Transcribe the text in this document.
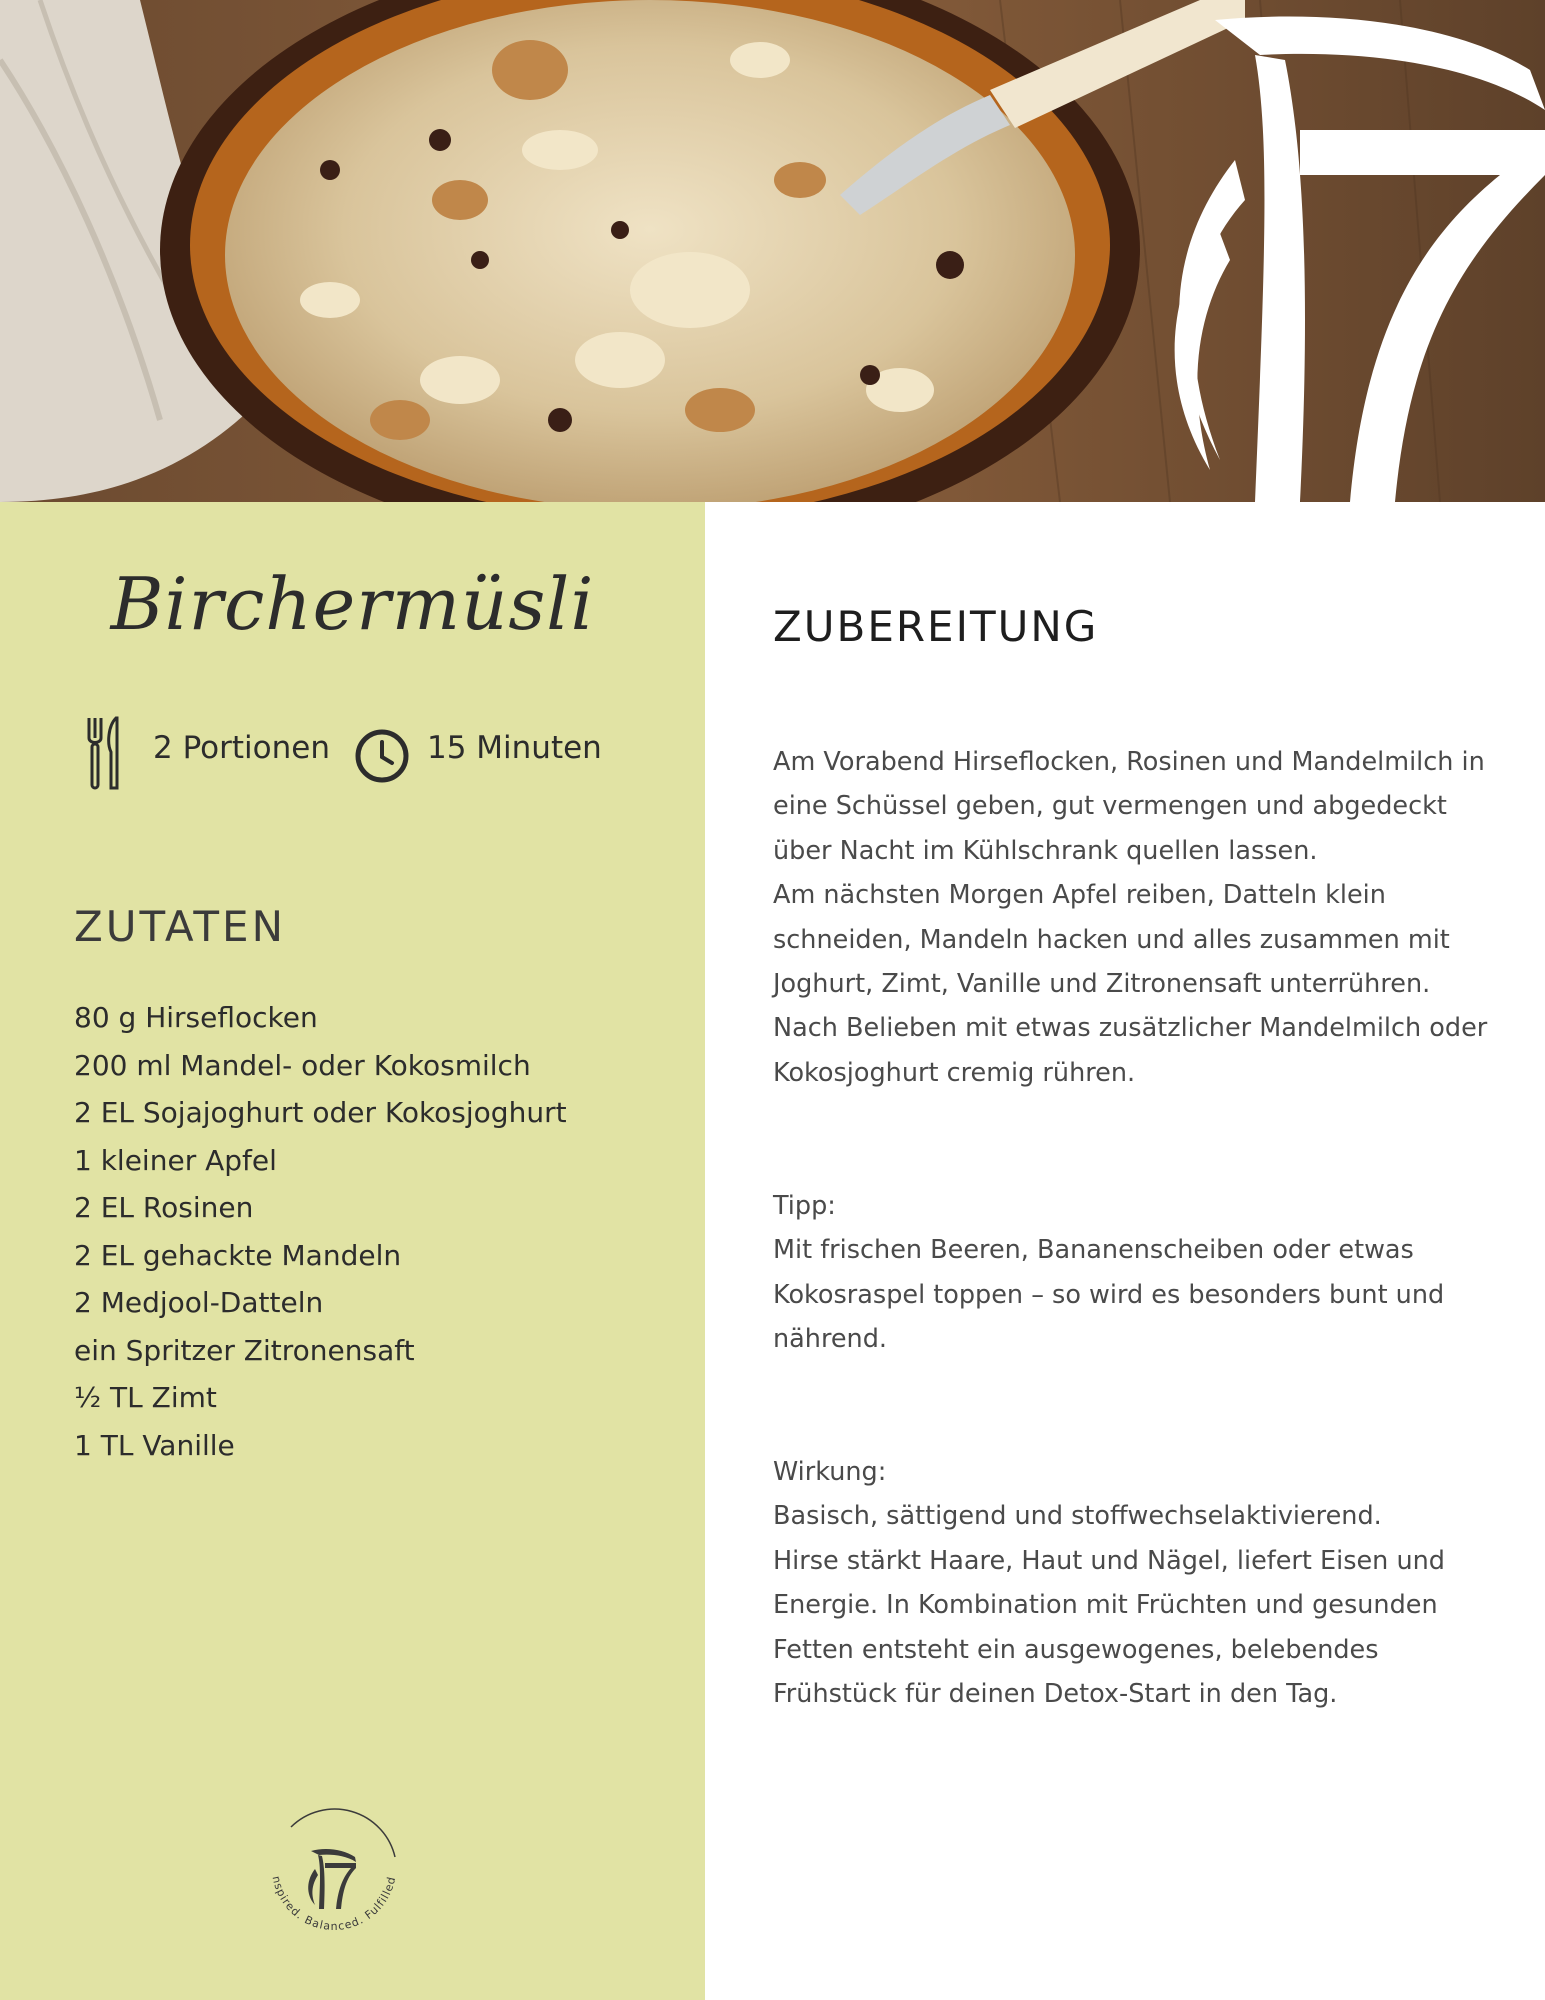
Birchermüsli
2 Portionen	15 Minuten
ZUTATEN
80 g Hirseflocken
200 ml Mandel- oder Kokosmilch
2 EL Sojajoghurt oder Kokosjoghurt
1 kleiner Apfel
2 EL Rosinen
2 EL gehackte Mandeln
2 Medjool-Datteln
ein Spritzer Zitronensaft
½ TL Zimt
1 TL Vanille
nspired. Balanced. Fulfilled
ZUBEREITUNG

Am Vorabend Hirseflocken, Rosinen und Mandelmilch in

eine Schüssel geben, gut vermengen und abgedeckt

über Nacht im Kühlschrank quellen lassen.

Am nächsten Morgen Apfel reiben, Datteln klein

schneiden, Mandeln hacken und alles zusammen mit

Joghurt, Zimt, Vanille und Zitronensaft unterrühren.

Nach Belieben mit etwas zusätzlicher Mandelmilch oder

Kokosjoghurt cremig rühren.

Tipp:

Mit frischen Beeren, Bananenscheiben oder etwas

Kokosraspel toppen – so wird es besonders bunt und

nährend.

Wirkung:

Basisch, sättigend und stoffwechselaktivierend.

Hirse stärkt Haare, Haut und Nägel, liefert Eisen und

Energie. In Kombination mit Früchten und gesunden

Fetten entsteht ein ausgewogenes, belebendes

Frühstück für deinen Detox-Start in den Tag.
